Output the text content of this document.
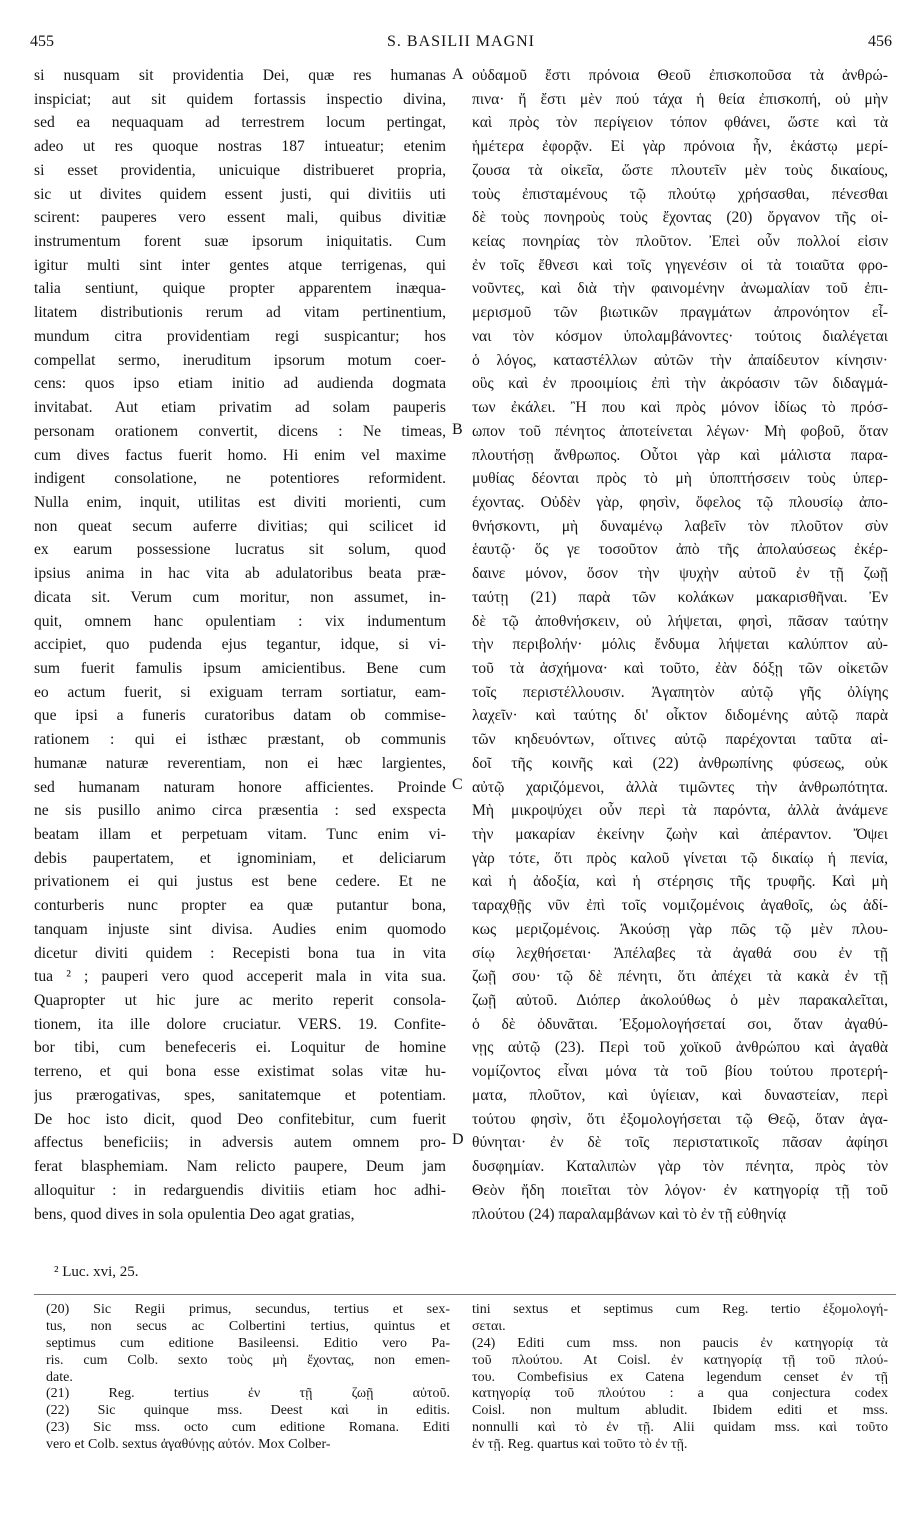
455	S. BASILII MAGNI	456
si nusquam sit providentia Dei, quæ res humanas
inspiciat; aut sit quidem fortassis inspectio divina,
sed ea nequaquam ad terrestrem locum pertingat,
adeo ut res quoque nostras 187 intueatur; etenim
si esset providentia, unicuique distribueret propria,
sic ut divites quidem essent justi, qui divitiis uti
scirent: pauperes vero essent mali, quibus divitiæ
instrumentum forent suæ ipsorum iniquitatis. Cum
igitur multi sint inter gentes atque terrigenas, qui
talia sentiunt, quique propter apparentem inæqua-
litatem distributionis rerum ad vitam pertinentium,
mundum citra providentiam regi suspicantur; hos
compellat sermo, ineruditum ipsorum motum coer-
cens: quos ipso etiam initio ad audienda dogmata
invitabat. Aut etiam privatim ad solam pauperis
personam orationem convertit, dicens : Ne timeas,
cum dives factus fuerit homo. Hi enim vel maxime
indigent consolatione, ne potentiores reformident.
Nulla enim, inquit, utilitas est diviti morienti, cum
non queat secum auferre divitias; qui scilicet id
ex earum possessione lucratus sit solum, quod
ipsius anima in hac vita ab adulatoribus beata præ-
dicata sit. Verum cum moritur, non assumet, in-
quit, omnem hanc opulentiam : vix indumentum
accipiet, quo pudenda ejus tegantur, idque, si vi-
sum fuerit famulis ipsum amicientibus. Bene cum
eo actum fuerit, si exiguam terram sortiatur, eam-
que ipsi a funeris curatoribus datam ob commise-
rationem : qui ei isthæc præstant, ob communis
humanæ naturæ reverentiam, non ei hæc largientes,
sed humanam naturam honore afficientes. Proinde
ne sis pusillo animo circa præsentia : sed exspecta
beatam illam et perpetuam vitam. Tunc enim vi-
debis paupertatem, et ignominiam, et deliciarum
privationem ei qui justus est bene cedere. Et ne
conturberis nunc propter ea quæ putantur bona,
tanquam injuste sint divisa. Audies enim quomodo
dicetur diviti quidem : Recepisti bona tua in vita
tua ² ; pauperi vero quod acceperit mala in vita sua.
Quapropter ut hic jure ac merito reperit consola-
tionem, ita ille dolore cruciatur. VERS. 19. Confite-
bor tibi, cum benefeceris ei. Loquitur de homine
terreno, et qui bona esse existimat solas vitæ hu-
jus prærogativas, spes, sanitatemque et potentiam.
De hoc isto dicit, quod Deo confitebitur, cum fuerit
affectus beneficiis; in adversis autem omnem pro-
ferat blasphemiam. Nam relicto paupere, Deum jam
alloquitur : in redarguendis divitiis etiam hoc adhi-
bens, quod dives in sola opulentia Deo agat gratias,
οὐδαμοῦ ἔστι πρόνοια Θεοῦ ἐπισκοποῦσα τὰ ἀνθρώ-
πινα· ἤ ἔστι μὲν πού τάχα ἡ θεία ἐπισκοπή, οὐ μὴν
καὶ πρὸς τὸν περίγειον τόπον φθάνει, ὥστε καὶ τὰ
ἡμέτερα ἐφορᾷν. Εἰ γὰρ πρόνοια ἦν, ἑκάστῳ μερί-
ζουσα τὰ οἰκεῖα, ὥστε πλουτεῖν μὲν τοὺς δικαίους,
τοὺς ἐπισταμένους τῷ πλούτῳ χρήσασθαι, πένεσθαι
δὲ τοὺς πονηροὺς τοὺς ἔχοντας (20) ὄργανον τῆς οἰ-
κείας πονηρίας τὸν πλοῦτον. Ἐπεὶ οὖν πολλοί εἰσιν
ἐν τοῖς ἔθνεσι καὶ τοῖς γηγενέσιν οἱ τὰ τοιαῦτα φρο-
νοῦντες, καὶ διὰ τὴν φαινομένην ἀνωμαλίαν τοῦ ἐπι-
μερισμοῦ τῶν βιωτικῶν πραγμάτων ἀπρονόητον εἶ-
ναι τὸν κόσμον ὑπολαμβάνοντες· τούτοις διαλέγεται
ὁ λόγος, καταστέλλων αὐτῶν τὴν ἀπαίδευτον κίνησιν·
οὓς καὶ ἐν προοιμίοις ἐπὶ τὴν ἀκρόασιν τῶν διδαγμά-
των ἐκάλει. Ἢ που καὶ πρὸς μόνον ἰδίως τὸ πρόσ-
ωπον τοῦ πένητος ἀποτείνεται λέγων· Μὴ φοβοῦ, ὅταν
πλουτήσῃ ἄνθρωπος. Οὗτοι γὰρ καὶ μάλιστα παρα-
μυθίας δέονται πρὸς τὸ μὴ ὑποπτήσσειν τοὺς ὑπερ-
έχοντας. Οὐδὲν γὰρ, φησὶν, ὄφελος τῷ πλουσίῳ ἀπο-
θνήσκοντι, μὴ δυναμένῳ λαβεῖν τὸν πλοῦτον σὺν
ἑαυτῷ· ὅς γε τοσοῦτον ἀπὸ τῆς ἀπολαύσεως ἐκέρ-
δαινε μόνον, ὅσον τὴν ψυχὴν αὐτοῦ ἐν τῇ ζωῇ
ταύτῃ (21) παρὰ τῶν κολάκων μακαρισθῆναι. Ἐν
δὲ τῷ ἀποθνήσκειν, οὐ λήψεται, φησὶ, πᾶσαν ταύτην
τὴν περιβολήν· μόλις ἔνδυμα λήψεται καλύπτον αὐ-
τοῦ τὰ ἀσχήμονα· καὶ τοῦτο, ἐὰν δόξῃ τῶν οἰκετῶν
τοῖς περιστέλλουσιν. Ἀγαπητὸν αὐτῷ γῆς ὀλίγης
λαχεῖν· καὶ ταύτης δι' οἶκτον διδομένης αὐτῷ παρὰ
τῶν κηδευόντων, οἵτινες αὐτῷ παρέχονται ταῦτα αἰ-
δοῖ τῆς κοινῆς καὶ (22) ἀνθρωπίνης φύσεως, οὐκ
αὐτῷ χαριζόμενοι, ἀλλὰ τιμῶντες τὴν ἀνθρωπότητα.
Μὴ μικροψύχει οὖν περὶ τὰ παρόντα, ἀλλὰ ἀνάμενε
τὴν μακαρίαν ἐκείνην ζωὴν καὶ ἀπέραντον. Ὄψει
γὰρ τότε, ὅτι πρὸς καλοῦ γίνεται τῷ δικαίῳ ἡ πενία,
καὶ ἡ ἀδοξία, καὶ ἡ στέρησις τῆς τρυφῆς. Καὶ μὴ
ταραχθῇς νῦν ἐπὶ τοῖς νομιζομένοις ἀγαθοῖς, ὡς ἀδί-
κως μεριζομένοις. Ἀκούσῃ γὰρ πῶς τῷ μὲν πλου-
σίῳ λεχθήσεται· Ἀπέλαβες τὰ ἀγαθά σου ἐν τῇ
ζωῇ σου· τῷ δὲ πένητι, ὅτι ἀπέχει τὰ κακὰ ἐν τῇ
ζωῇ αὐτοῦ. Διόπερ ἀκολούθως ὁ μὲν παρακαλεῖται,
ὁ δὲ ὀδυνᾶται. Ἐξομολογήσεταί σοι, ὅταν ἀγαθύ-
νῃς αὐτῷ (23). Περὶ τοῦ χοϊκοῦ ἀνθρώπου καὶ ἀγαθὰ
νομίζοντος εἶναι μόνα τὰ τοῦ βίου τούτου προτερή-
ματα, πλοῦτον, καὶ ὑγίειαν, καὶ δυναστείαν, περὶ
τούτου φησὶν, ὅτι ἐξομολογήσεται τῷ Θεῷ, ὅταν ἀγα-
θύνηται· ἐν δὲ τοῖς περιστατικοῖς πᾶσαν ἀφίησι
δυσφημίαν. Καταλιπὼν γὰρ τὸν πένητα, πρὸς τὸν
Θεὸν ἤδη ποιεῖται τὸν λόγον· ἐν κατηγορίᾳ τῇ τοῦ
πλούτου (24) παραλαμβάνων καὶ τὸ ἐν τῇ εὐθηνίᾳ
A
B
C
D
² Luc. xvi, 25.
(20) Sic Regii primus, secundus, tertius et sex-
tus, non secus ac Colbertini tertius, quintus et
septimus cum editione Basileensi. Editio vero Pa-
ris. cum Colb. sexto τοὺς μὴ ἔχοντας, non emen-
date.
(21) Reg. tertius ἐν τῇ ζωῇ αὐτοῦ.
(22) Sic quinque mss. Deest καὶ in editis.
(23) Sic mss. octo cum editione Romana. Editi
vero et Colb. sextus ἀγαθύνῃς αὐτόν. Mox Colber-
tini sextus et septimus cum Reg. tertio ἐξομολογή-
σεται.
(24) Editi cum mss. non paucis ἐν κατηγορίᾳ τὰ
τοῦ πλούτου. At Coisl. ἐν κατηγορίᾳ τῇ τοῦ πλού-
του. Combefisius ex Catena legendum censet ἐν τῇ
κατηγορίᾳ τοῦ πλούτου : a qua conjectura codex
Coisl. non multum abludit. Ibidem editi et mss.
nonnulli καὶ τὸ ἐν τῇ. Alii quidam mss. καὶ τοῦτο
ἐν τῇ. Reg. quartus καὶ τοῦτο τὸ ἐν τῇ.
